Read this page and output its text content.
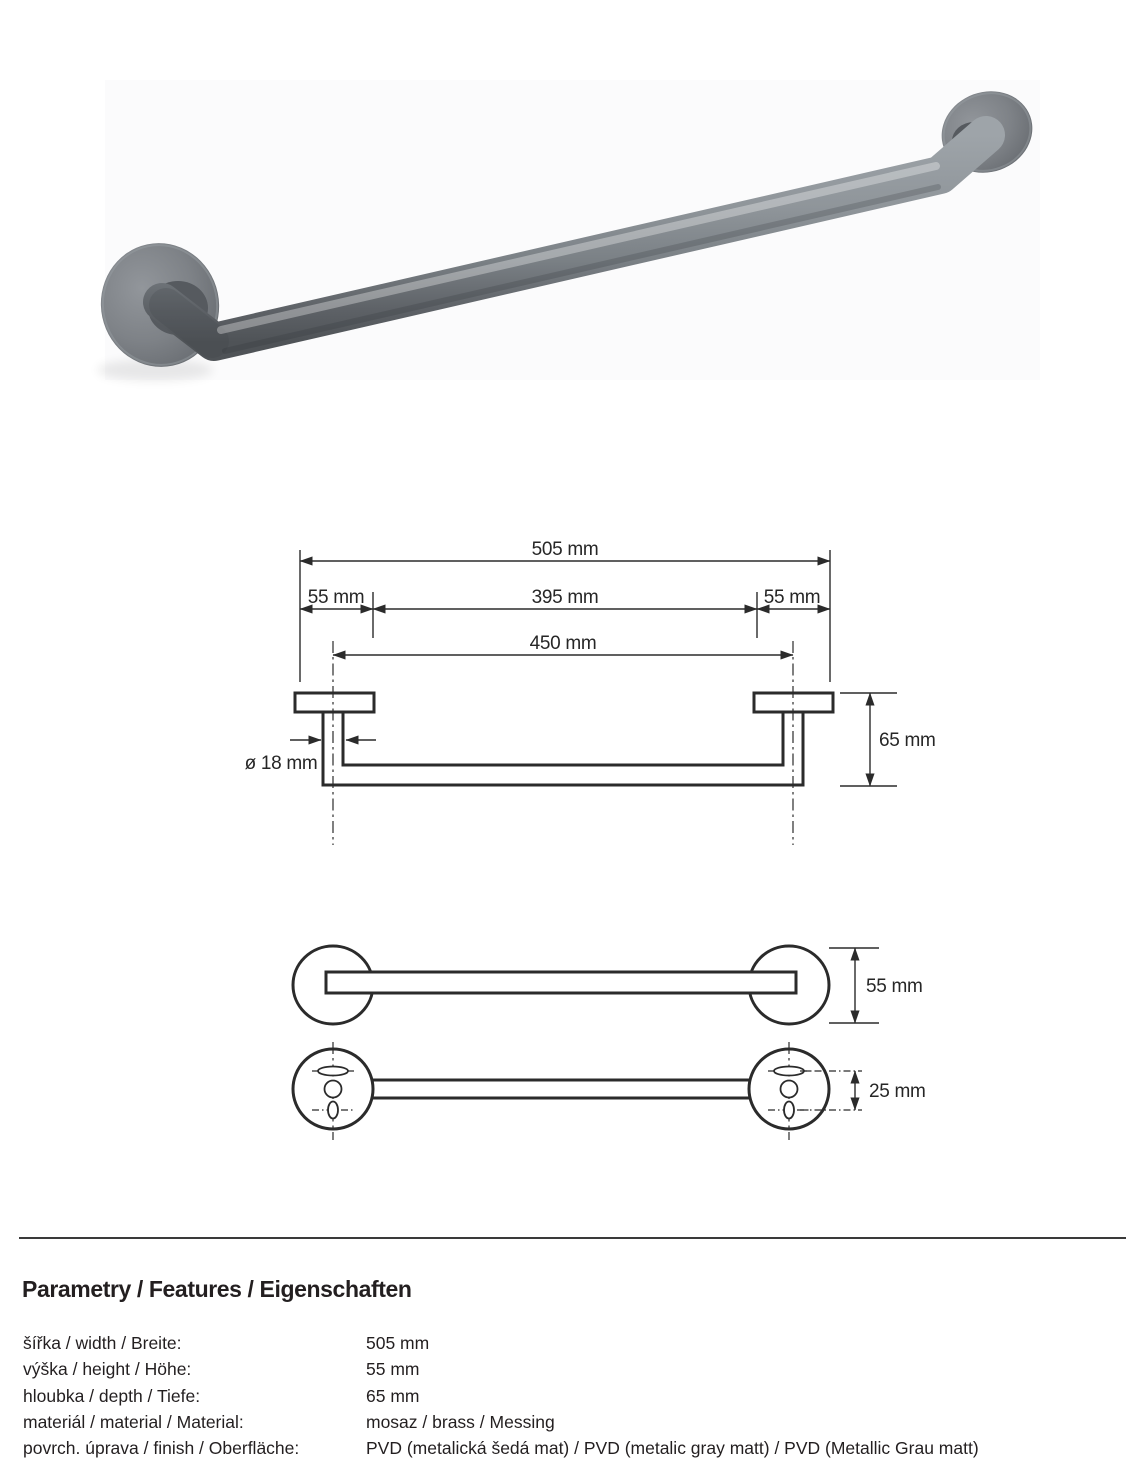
505 mm
55 mm	395 mm	55 mm
450 mm
ø 18 mm
65 mm
55 mm
25 mm
Parametry / Features / Eigenschaften
šířka / width / Breite:	505 mm
výška / height / Höhe:	55 mm
hloubka / depth / Tiefe:	65 mm
materiál / material / Material:	mosaz / brass / Messing
povrch. úprava / finish / Oberfläche:	PVD (metalická šedá mat) / PVD (metalic gray matt) / PVD (Metallic Grau matt)
